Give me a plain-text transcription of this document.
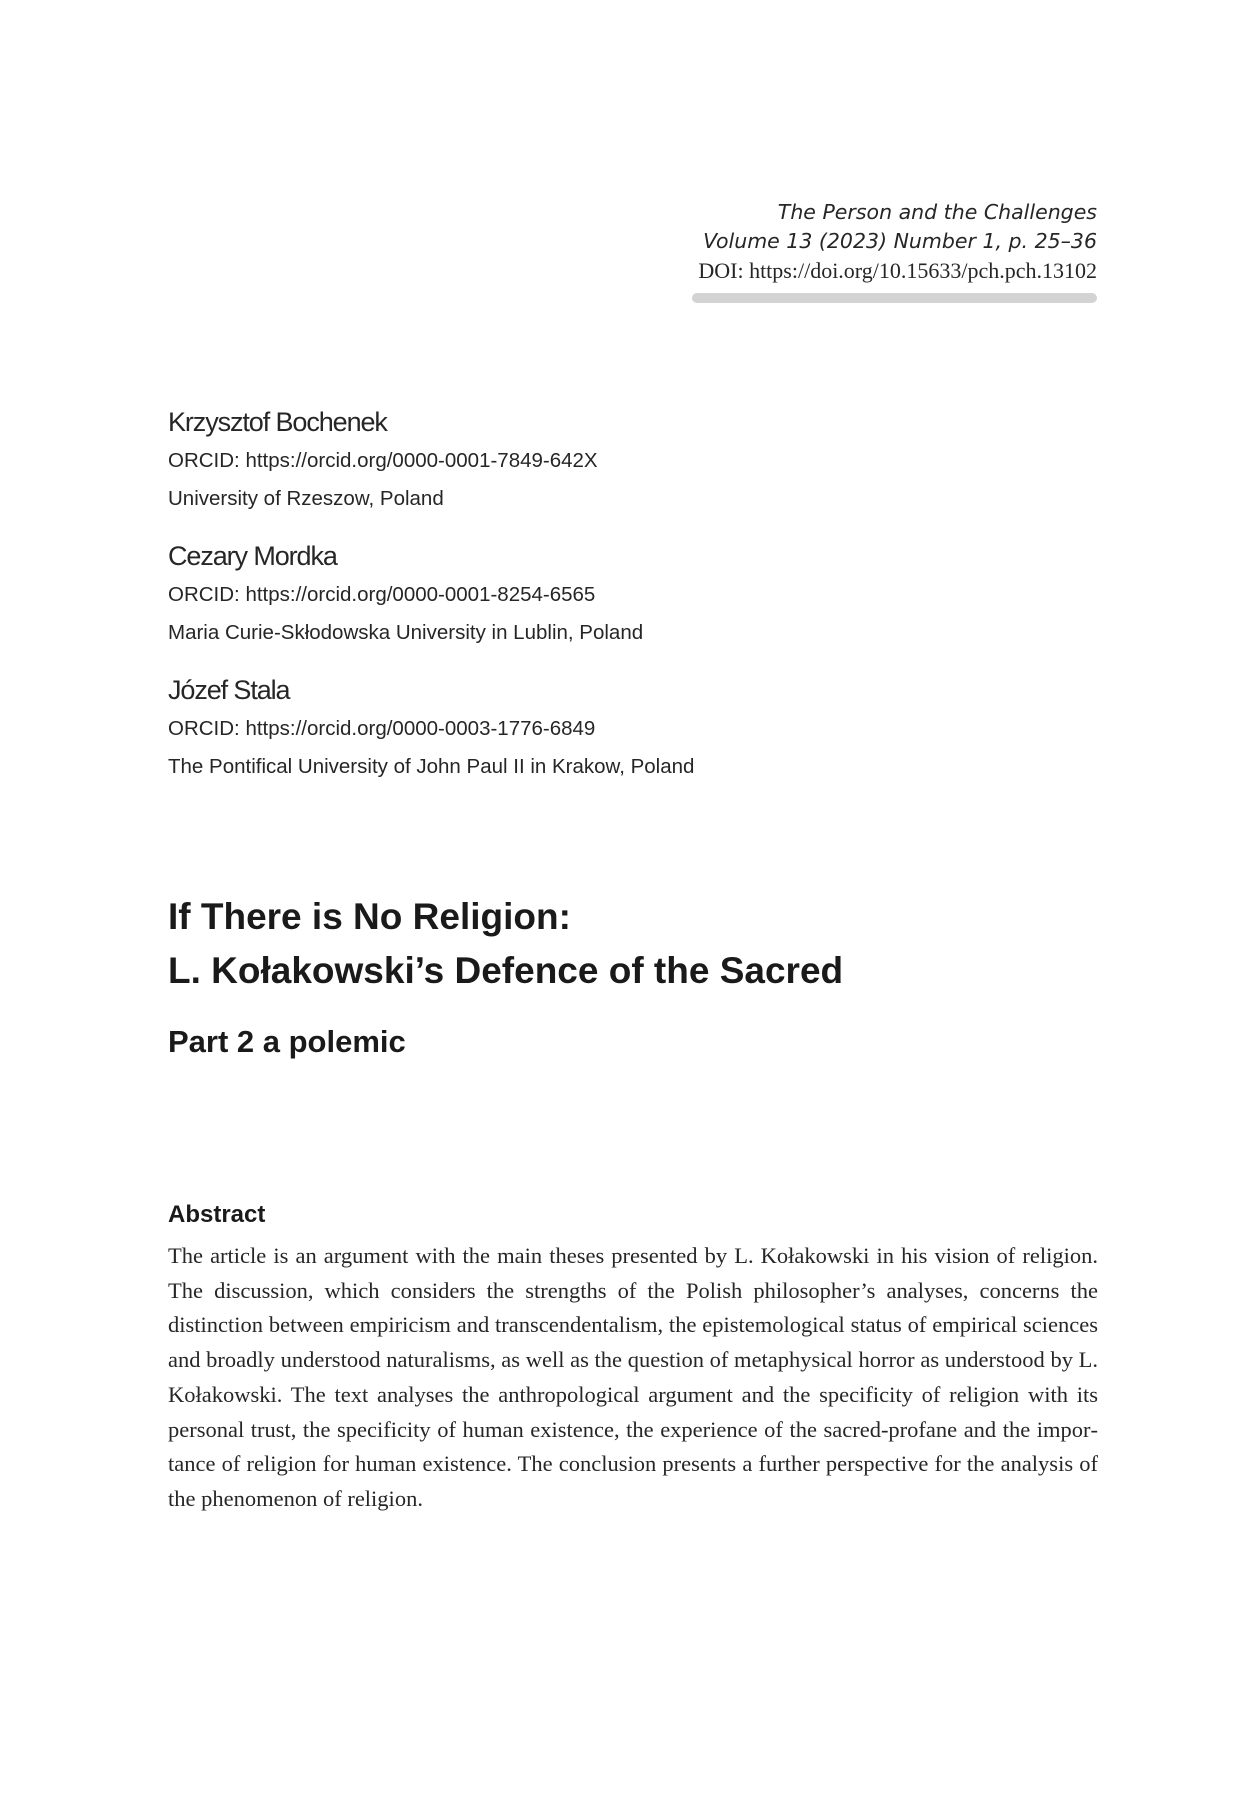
The Person and the Challenges
Volume 13 (2023) Number 1, p. 25–36
DOI: https://doi.org/10.15633/pch.pch.13102
Krzysztof Bochenek
ORCID: https://orcid.org/0000-0001-7849-642X
University of Rzeszow, Poland
Cezary Mordka
ORCID: https://orcid.org/0000-0001-8254-6565
Maria Curie-Skłodowska University in Lublin, Poland
Józef Stala
ORCID: https://orcid.org/0000-0003-1776-6849
The Pontifical University of John Paul II in Krakow, Poland
If There is No Religion:
L. Kołakowski’s Defence of the Sacred
Part 2 a polemic
Abstract

The article is an argument with the main theses presented by L. Kołakowski in his vision of religion. The discussion, which considers the strengths of the Polish philosopher’s analyses, concerns the distinction between empiricism and transcendentalism, the epistemological status of empirical sciences and broadly understood naturalisms, as well as the question of metaphysical horror as understood by L. Kołakowski. The text analyses the anthropological argument and the specificity of religion with its personal trust, the specificity of human existence, the experience of the sacred-profane and the importance of religion for human existence. The conclusion presents a further perspective for the analysis of the phenomenon of religion.
